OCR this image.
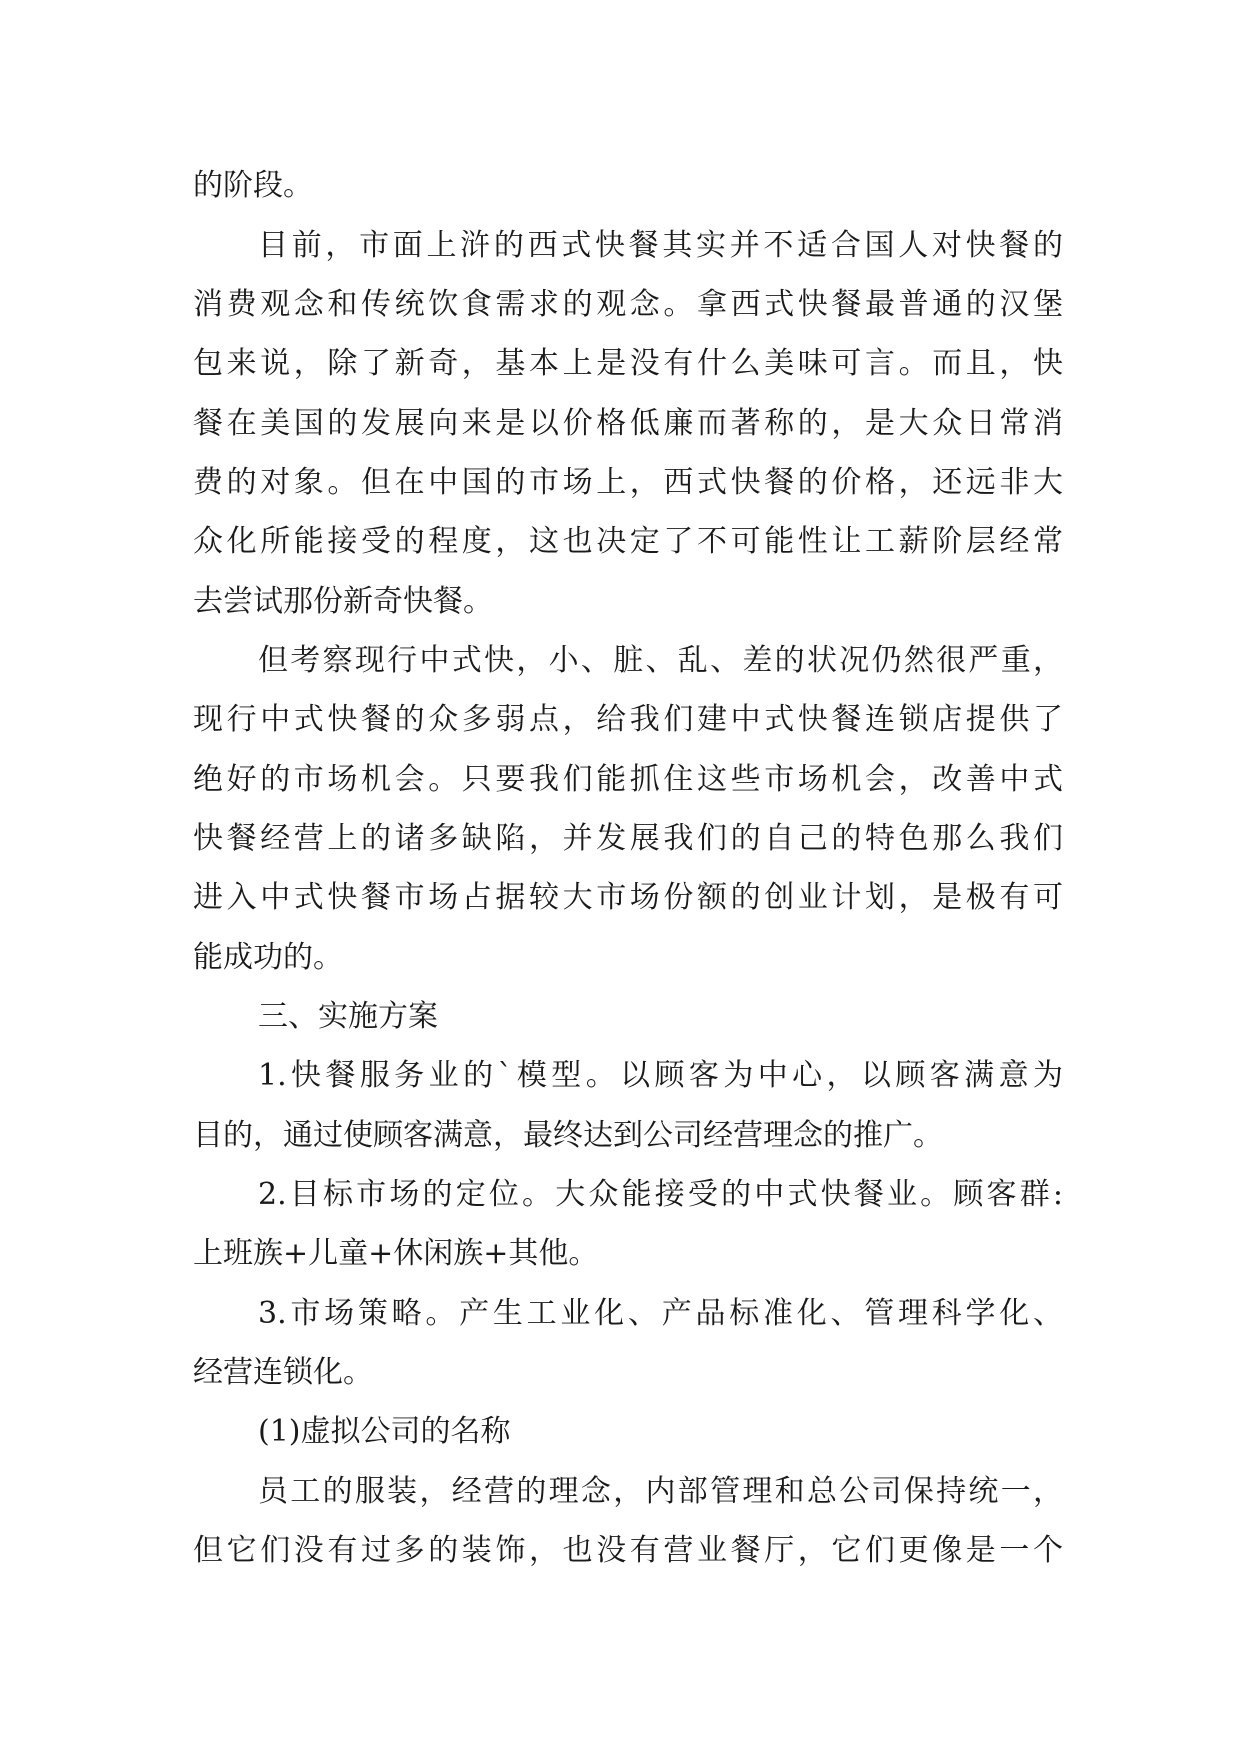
的阶段。
目前，市面上浒的西式快餐其实并不适合国人对快餐的
消费观念和传统饮食需求的观念。拿西式快餐最普通的汉堡
包来说，除了新奇，基本上是没有什么美味可言。而且，快
餐在美国的发展向来是以价格低廉而著称的，是大众日常消
费的对象。但在中国的市场上，西式快餐的价格，还远非大
众化所能接受的程度，这也决定了不可能性让工薪阶层经常
去尝试那份新奇快餐。
但考察现行中式快，小、脏、乱、差的状况仍然很严重，
现行中式快餐的众多弱点，给我们建中式快餐连锁店提供了
绝好的市场机会。只要我们能抓住这些市场机会，改善中式
快餐经营上的诸多缺陷，并发展我们的自己的特色那么我们
进入中式快餐市场占据较大市场份额的创业计划，是极有可
能成功的。
三、实施方案
1.快餐服务业的`模型。以顾客为中心，以顾客满意为
目的，通过使顾客满意，最终达到公司经营理念的推广。
2.目标市场的定位。大众能接受的中式快餐业。顾客群:
上班族+儿童+休闲族+其他。
3.市场策略。产生工业化、产品标准化、管理科学化、
经营连锁化。
(1)虚拟公司的名称
员工的服装，经营的理念，内部管理和总公司保持统一，
但它们没有过多的装饰，也没有营业餐厅，它们更像是一个
